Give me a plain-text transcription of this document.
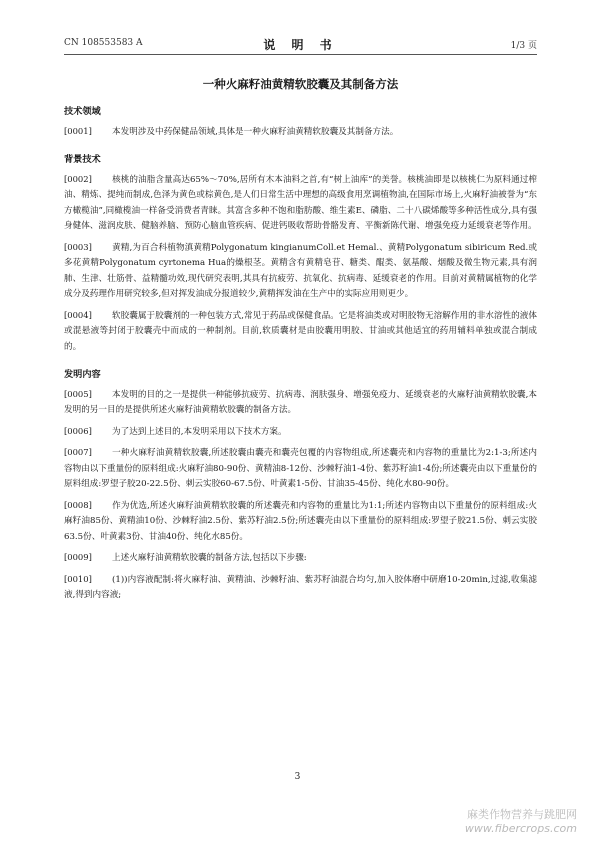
CN 108553583 A	说 明 书	1/3 页
一种火麻籽油黄精软胶囊及其制备方法
技术领域

[0001] 本发明涉及中药保健品领域,具体是一种火麻籽油黄精软胶囊及其制备方法。

背景技术

[0002] 核桃的油脂含量高达65%～70%,居所有木本油料之首,有“树上油库”的美誉。核桃油即是以核桃仁为原料通过榨油、精炼、提纯而制成,色泽为黄色或棕黄色,是人们日常生活中理想的高级食用烹调植物油,在国际市场上,火麻籽油被誉为“东方橄榄油”,同橄榄油一样备受消费者青睐。其富含多种不饱和脂肪酸、维生素E、磷脂、二十八碳烯酸等多种活性成分,具有强身健体、滋润皮肤、健脑养脑、预防心脑血管疾病、促进钙吸收帮助骨骼发育、平衡新陈代谢、增强免疫力延缓衰老等作用。

[0003] 黄精,为百合科植物滇黄精Polygonatum kingianumColl.et Hemal.、黄精Polygonatum sibiricum Red.或多花黄精Polygonatum cyrtonema Hua的燥根茎。黄精含有黄精皂苷、糖类、醌类、氨基酸、烟酸及微生物元素,具有润肺、生津、壮筋骨、益精髓功效,现代研究表明,其具有抗疲劳、抗氧化、抗病毒、延缓衰老的作用。目前对黄精属植物的化学成分及药理作用研究较多,但对挥发油成分报道较少,黄精挥发油在生产中的实际应用则更少。

[0004] 软胶囊属于胶囊剂的一种包装方式,常见于药品或保健食品。它是将油类或对明胶物无溶解作用的非水溶性的液体或混悬液等封闭于胶囊壳中而成的一种制剂。目前,软质囊材是由胶囊用明胶、甘油或其他适宜的药用辅料单独或混合制成的。

发明内容

[0005] 本发明的目的之一是提供一种能够抗疲劳、抗病毒、润肤强身、增强免疫力、延缓衰老的火麻籽油黄精软胶囊,本发明的另一目的是提供所述火麻籽油黄精软胶囊的制备方法。

[0006] 为了达到上述目的,本发明采用以下技术方案。

[0007] 一种火麻籽油黄精软胶囊,所述胶囊由囊壳和囊壳包覆的内容物组成,所述囊壳和内容物的重量比为2:1-3;所述内容物由以下重量份的原料组成:火麻籽油80-90份、黄精油8-12份、沙棘籽油1-4份、紫苏籽油1-4份;所述囊壳由以下重量份的原料组成:罗望子胶20-22.5份、刺云实胶60-67.5份、叶黄素1-5份、甘油35-45份、纯化水80-90份。

[0008] 作为优选,所述火麻籽油黄精软胶囊的所述囊壳和内容物的重量比为1:1;所述内容物由以下重量份的原料组成:火麻籽油85份、黄精油10份、沙棘籽油2.5份、紫苏籽油2.5份;所述囊壳由以下重量份的原料组成:罗望子胶21.5份、刺云实胶63.5份、叶黄素3份、甘油40份、纯化水85份。

[0009] 上述火麻籽油黄精软胶囊的制备方法,包括以下步骤:

[0010] (1))内容液配制:将火麻籽油、黄精油、沙棘籽油、紫苏籽油混合均匀,加入胶体磨中研磨10-20min,过滤,收集滤液,得到内容液;

3
麻类作物营养与跳肥网
www.fibercrops.com
